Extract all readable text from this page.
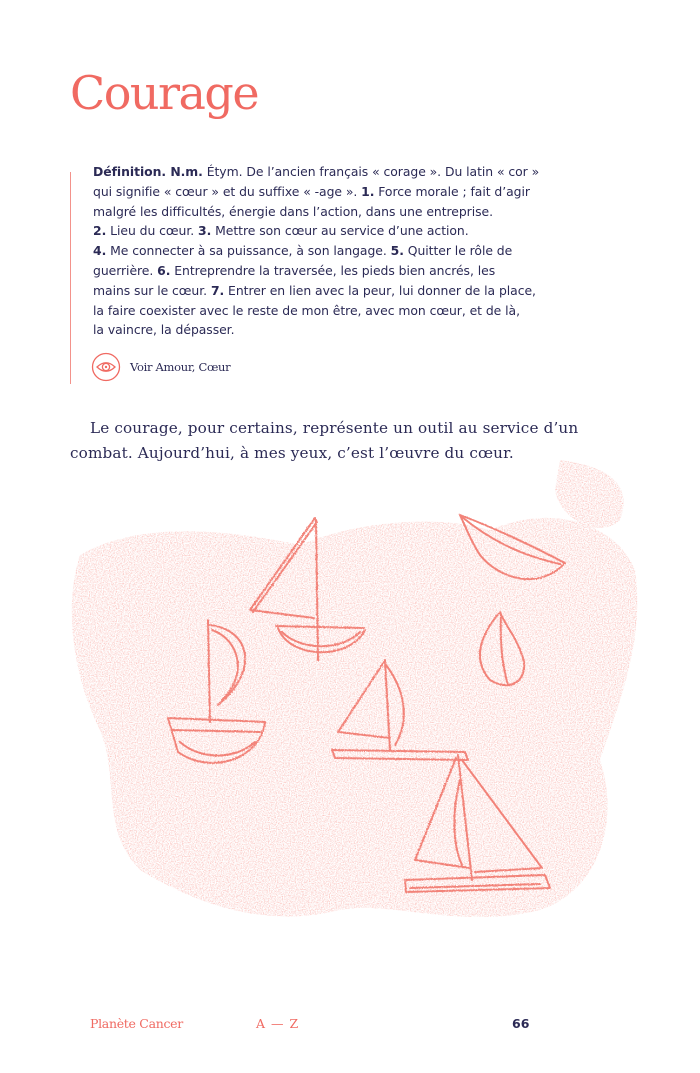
Courage

Définition. N.m. Étym. De l’ancien français « corage ». Du latin « cor »
qui signifie « cœur » et du suffixe « -age ». 1. Force morale ; fait d’agir
malgré les difficultés, énergie dans l’action, dans une entreprise.
2. Lieu du cœur. 3. Mettre son cœur au service d’une action.
4. Me connecter à sa puissance, à son langage. 5. Quitter le rôle de
guerrière. 6. Entreprendre la traversée, les pieds bien ancrés, les
mains sur le cœur. 7. Entrer en lien avec la peur, lui donner de la place,
la faire coexister avec le reste de mon être, avec mon cœur, et de là,
la vaincre, la dépasser.

Voir Amour, Cœur

Le courage, pour certains, représente un outil au service d’un
combat. Aujourd’hui, à mes yeux, c’est l’œuvre du cœur.

Planète Cancer	A — Z	66
